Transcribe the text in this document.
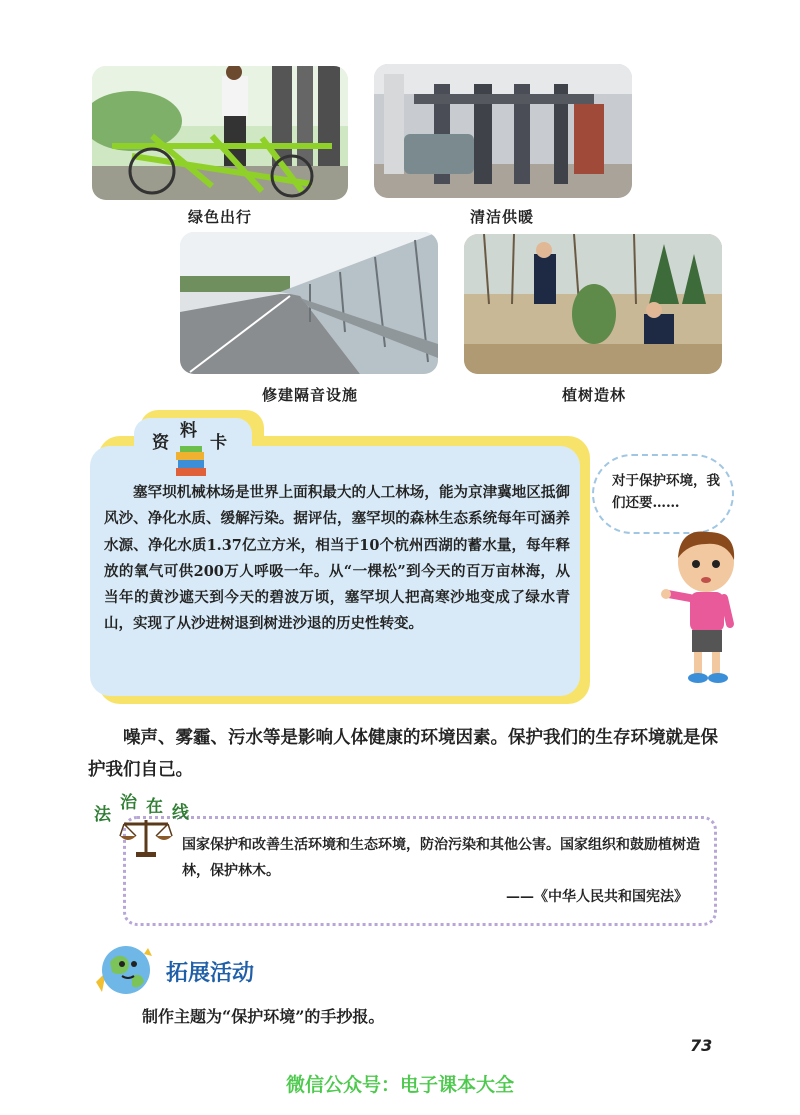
绿色出行	清洁供暖
修建隔音设施	植树造林
资
料
卡

塞罕坝机械林场是世界上面积最大的人工林场，能为京津冀地区抵御风沙、净化水质、缓解污染。据评估，塞罕坝的森林生态系统每年可涵养水源、净化水质1.37亿立方米，相当于10个杭州西湖的蓄水量，每年释放的氧气可供200万人呼吸一年。从“一棵松”到今天的百万亩林海，从当年的黄沙遮天到今天的碧波万顷，塞罕坝人把高寒沙地变成了绿水青山，实现了从沙进树退到树进沙退的历史性转变。

对于保护环境，我们还要……

噪声、雾霾、污水等是影响人体健康的环境因素。保护我们的生存环境就是保护我们自己。

法
治 在 线

国家保护和改善生活环境和生态环境，防治污染和其他公害。国家组织和鼓励植树造林，保护林木。

——《中华人民共和国宪法》
拓展活动
制作主题为“保护环境”的手抄报。
73
微信公众号：电子课本大全
